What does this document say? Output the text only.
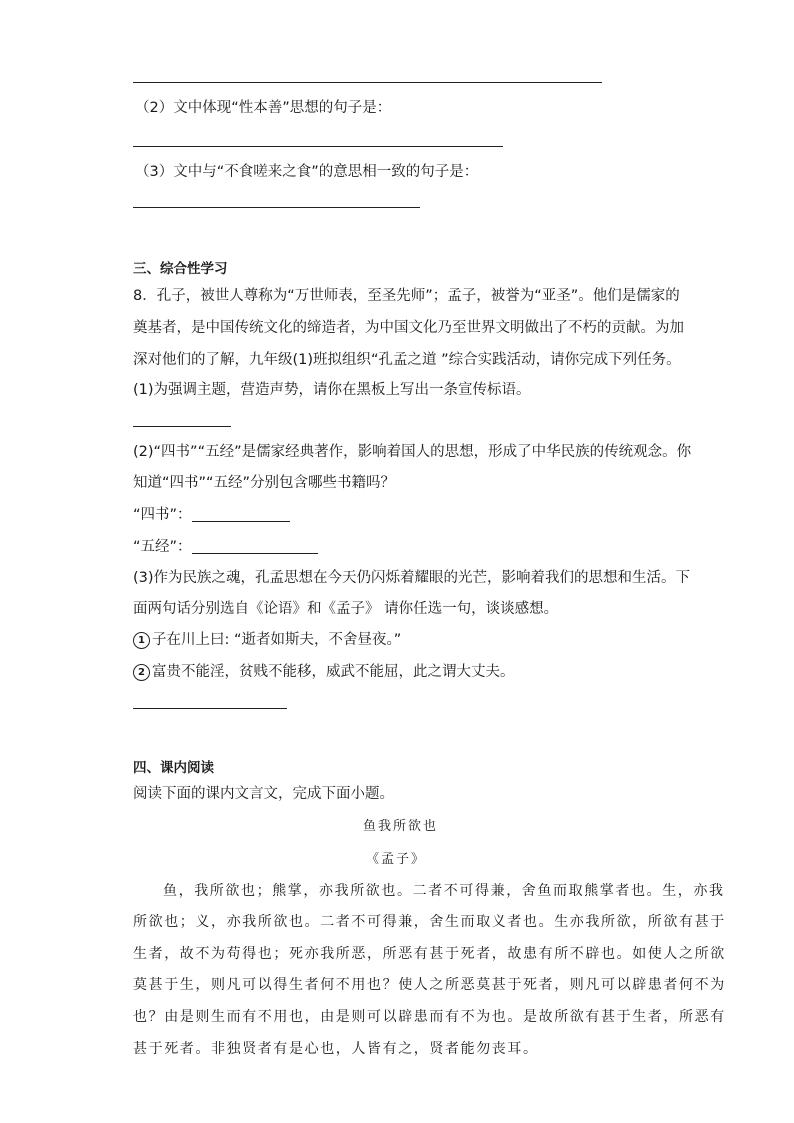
（2）文中体现“性本善”思想的句子是：
（3）文中与“不食嗟来之食”的意思相一致的句子是：
三、综合性学习
8．孔子，被世人尊称为“万世师表，至圣先师”；孟子，被誉为“亚圣”。他们是儒家的
奠基者，是中国传统文化的缔造者，为中国文化乃至世界文明做出了不朽的贡献。为加
深对他们的了解，九年级(1)班拟组织“孔孟之道 ”综合实践活动，请你完成下列任务。
(1)为强调主题，营造声势，请你在黑板上写出一条宣传标语。
(2)“四书”“五经”是儒家经典著作，影响着国人的思想，形成了中华民族的传统观念。你
知道“四书”“五经”分别包含哪些书籍吗？
“四书”：
“五经”：
(3)作为民族之魂，孔孟思想在今天仍闪烁着耀眼的光芒，影响着我们的思想和生活。下
面两句话分别选自《论语》和《孟子》 请你任选一句，谈谈感想。
1 子在川上曰: “逝者如斯夫，不舍昼夜。”
2 富贵不能淫，贫贱不能移，威武不能屈，此之谓大丈夫。
四、课内阅读
阅读下面的课内文言文，完成下面小题。
鱼我所欲也
《孟子》
鱼，我所欲也；熊掌，亦我所欲也。二者不可得兼，舍鱼而取熊掌者也。生，亦我
所欲也；义，亦我所欲也。二者不可得兼，舍生而取义者也。生亦我所欲，所欲有甚于
生者，故不为苟得也；死亦我所恶，所恶有甚于死者，故患有所不辟也。如使人之所欲
莫甚于生，则凡可以得生者何不用也？使人之所恶莫甚于死者，则凡可以辟患者何不为
也？由是则生而有不用也，由是则可以辟患而有不为也。是故所欲有甚于生者，所恶有
甚于死者。非独贤者有是心也，人皆有之，贤者能勿丧耳。
